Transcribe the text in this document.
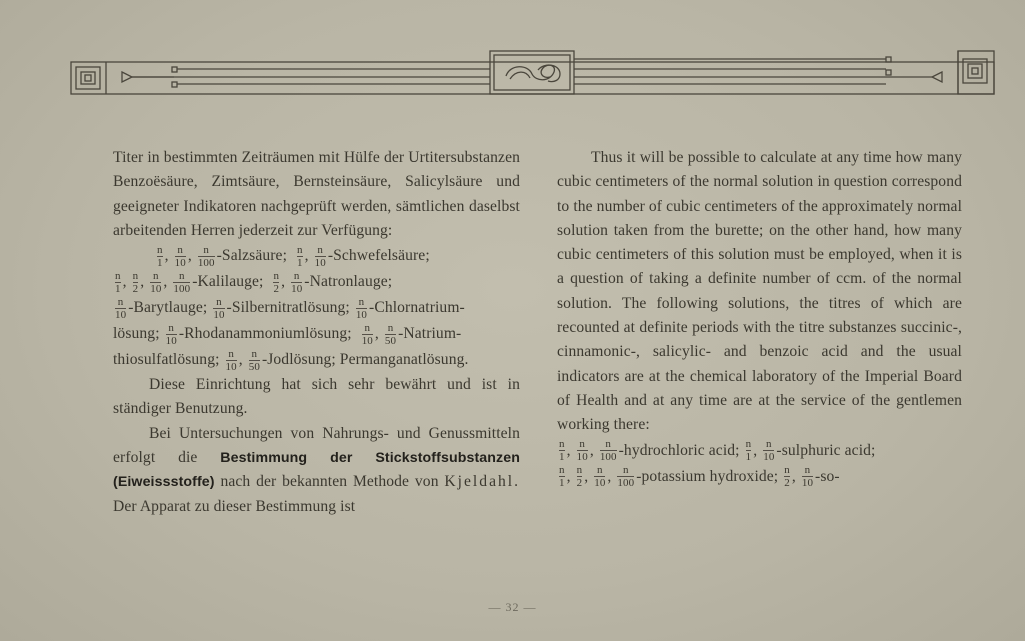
Titer in bestimmten Zeiträumen mit Hülfe der Urtitersubstanzen Benzoësäure, Zimtsäure, Bernsteinsäure, Salicylsäure und geeigneter Indikatoren nachgeprüft werden, sämtlichen daselbst arbeitenden Herren jederzeit zur Verfügung:

$\frac{n}{1}$ , $\frac{n}{10}$ , $\frac{n}{100}$ -Salzsäure; $\frac{n}{1}$ , $\frac{n}{10}$ -Schwefelsäure;
$\frac{n}{1}$ , $\frac{n}{2}$ , $\frac{n}{10}$ , $\frac{n}{100}$ -Kalilauge; $\frac{n}{2}$ , $\frac{n}{10}$ -Natronlauge;
$\frac{n}{10}$ -Barytlauge; $\frac{n}{10}$ -Silbernitratlösung; $\frac{n}{10}$ -Chlornatrium-
lösung; $\frac{n}{10}$ -Rhodanammoniumlösung; $\frac{n}{10}$ , $\frac{n}{50}$ -Natrium-
thiosulfatlösung; $\frac{n}{10}$ , $\frac{n}{50}$ -Jodlösung; Permanganatlösung.

Diese Einrichtung hat sich sehr bewährt und ist in ständiger Benutzung.

Bei Untersuchungen von Nahrungs- und Genussmitteln erfolgt die Bestimmung der Stickstoffsubstanzen (Eiweissstoffe) nach der bekannten Methode von Kjeldahl. Der Apparat zu dieser Bestimmung ist

Thus it will be possible to calculate at any time how many cubic centimeters of the normal solution in question correspond to the number of cubic centimeters of the approximately normal solution taken from the burette; on the other hand, how many cubic centimeters of this solution must be employed, when it is a question of taking a definite number of ccm. of the normal solution. The following solutions, the titres of which are recounted at definite periods with the titre substanzes succinic-, cinnamonic-, salicylic- and benzoic acid and the usual indicators are at the chemical laboratory of the Imperial Board of Health and at any time are at the service of the gentlemen working there:

$\frac{n}{1}$ , $\frac{n}{10}$ , $\frac{n}{100}$ -hydrochloric acid; $\frac{n}{1}$ , $\frac{n}{10}$ -sulphuric acid;
$\frac{n}{1}$ , $\frac{n}{2}$ , $\frac{n}{10}$ , $\frac{n}{100}$ -potassium hydroxide; $\frac{n}{2}$ , $\frac{n}{10} -so-$
— 32 —
